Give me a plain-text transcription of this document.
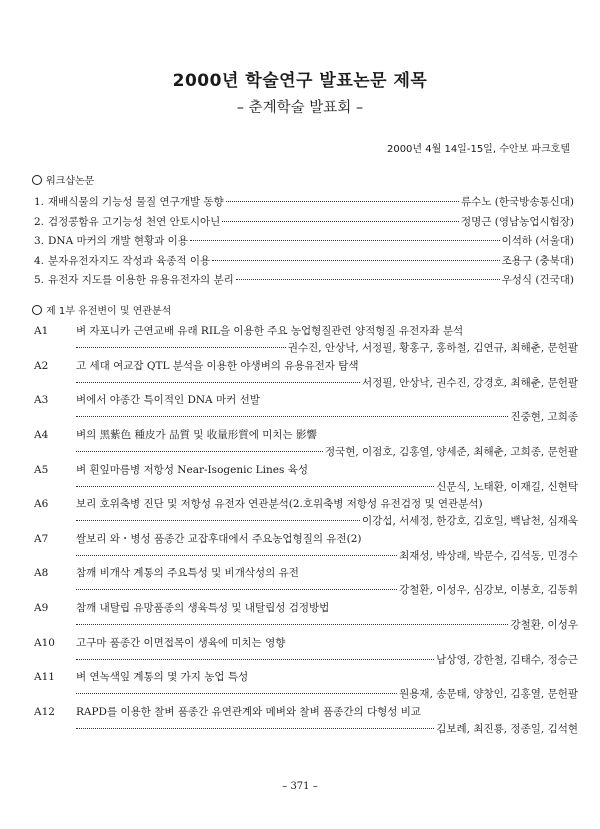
2000년 학술연구 발표논문 제목
– 춘계학술 발표회 –
2000년 4월 14일-15일, 수안보 파크호텔
워크샵논문
1. 재배식물의 기능성 물질 연구개발 동향	류수노 (한국방송통신대)
2. 검정콩함유 고기능성 천연 안토시아닌	정명근 (영남농업시험장)
3. DNA 마커의 개발 현황과 이용	이석하 (서울대)
4. 분자유전자지도 작성과 육종적 이용	조용구 (충북대)
5. 유전자 지도를 이용한 유용유전자의 분리	우성식 (건국대)
제 1부 유전변이 및 연관분석
A1	벼 자포니카 근연교배 유래 RIL을 이용한 주요 농업형질관련 양적형질 유전자좌 분석
권수진, 안상낙, 서정필, 황홍구, 홍하철, 김연규, 최해춘, 문헌팔
A2	고 세대 여교잡 QTL 분석을 이용한 야생벼의 유용유전자 탐색
서정필, 안상낙, 권수진, 강경호, 최해춘, 문헌팔
A3	벼에서 야종간 특이적인 DNA 마커 선발
진중현, 고희종
A4	벼의 黑紫色 種皮가 品質 및 收量形質에 미치는 影響
정국현, 이점호, 김홍열, 양세준, 최해춘, 고희종, 문헌팔
A5	벼 흰잎마름병 저항성 Near-Isogenic Lines 육성
신문식, 노태환, 이재길, 신현탁
A6	보리 호위축병 진단 및 저항성 유전자 연관분석(2.호위축병 저항성 유전검정 및 연관분석)
이강섭, 서세정, 한강호, 김호일, 백남천, 심재욱
A7	쌀보리 와・병성 품종간 교잡후대에서 주요농업형질의 유전(2)
최재성, 박상래, 박문수, 김석동, 민경수
A8	참깨 비개삭 계통의 주요특성 및 비개삭성의 유전
강철환, 이성우, 심강보, 이봉호, 김동휘
A9	참깨 내탈립 유망품종의 생육특성 및 내탈립성 검정방법
강철환, 이성우
A10	고구마 품종간 이면접목이 생육에 미치는 영향
남상영, 강한철, 김태수, 정승근
A11	벼 연녹색잎 계통의 몇 가지 농업 특성
원용재, 송문태, 양창인, 김홍열, 문헌팔
A12	RAPD를 이용한 찰벼 품종간 유연관계와 메벼와 찰벼 품종간의 다형성 비교
김보례, 최진룡, 정종일, 김석현
– 371 –
